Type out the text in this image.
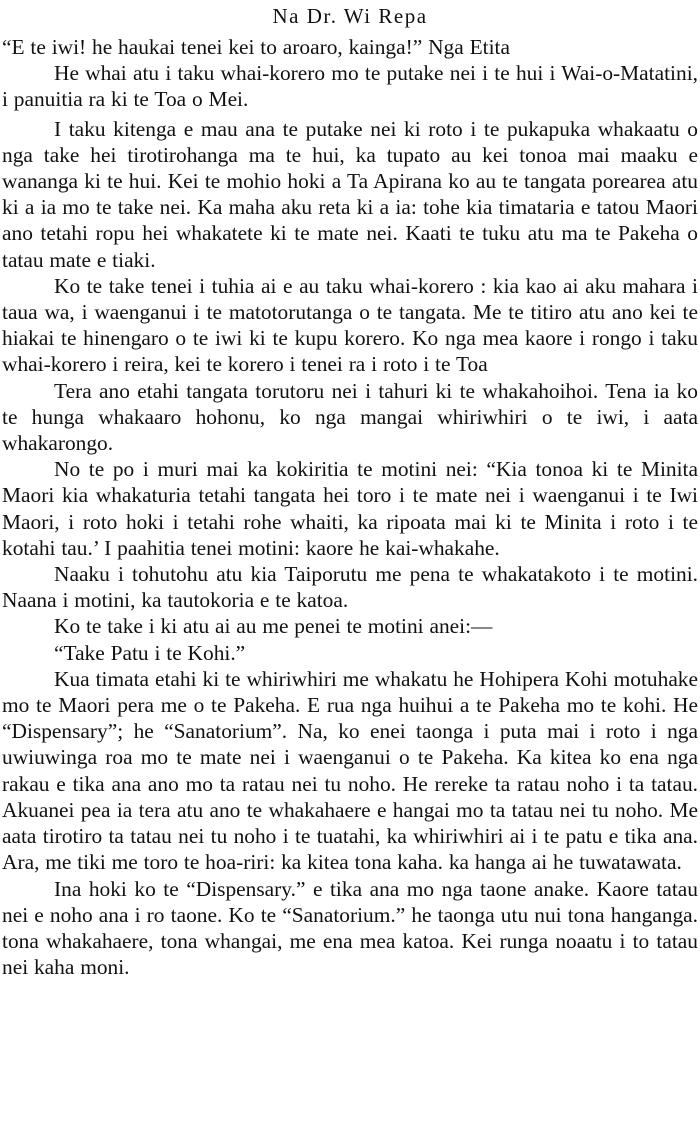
Na Dr. Wi Repa

“E te iwi! he haukai tenei kei to aroaro, kainga!” Nga Etita

He whai atu i taku whai-korero mo te putake nei i te hui i Wai-o-Matatini, i panuitia ra ki te Toa o Mei.

I taku kitenga e mau ana te putake nei ki roto i te pukapuka whakaatu o nga take hei tirotirohanga ma te hui, ka tupato au kei tonoa mai maaku e wananga ki te hui. Kei te mohio hoki a Ta Apirana ko au te tangata porearea atu ki a ia mo te take nei. Ka maha aku reta ki a ia: tohe kia timataria e tatou Maori ano tetahi ropu hei whakatete ki te mate nei. Kaati te tuku atu ma te Pakeha o tatau mate e tiaki.

Ko te take tenei i tuhia ai e au taku whai-korero : kia kao ai aku mahara i taua wa, i waenganui i te matotorutanga o te tangata. Me te titiro atu ano kei te hiakai te hinengaro o te iwi ki te kupu korero. Ko nga mea kaore i rongo i taku whai-korero i reira, kei te korero i tenei ra i roto i te Toa

Tera ano etahi tangata torutoru nei i tahuri ki te whakahoihoi. Tena ia ko te hunga whakaaro hohonu, ko nga mangai whiriwhiri o te iwi, i aata whakarongo.

No te po i muri mai ka kokiritia te motini nei: “Kia tonoa ki te Minita Maori kia whakaturia tetahi tangata hei toro i te mate nei i waenganui i te Iwi Maori, i roto hoki i tetahi rohe whaiti, ka ripoata mai ki te Minita i roto i te kotahi tau.’ I paahitia tenei motini: kaore he kai-whakahe.

Naaku i tohutohu atu kia Taiporutu me pena te whakatakoto i te motini. Naana i motini, ka tautokoria e te katoa.

Ko te take i ki atu ai au me penei te motini anei:—

“Take Patu i te Kohi.”

Kua timata etahi ki te whiriwhiri me whakatu he Hohipera Kohi motuhake mo te Maori pera me o te Pakeha. E rua nga huihui a te Pakeha mo te kohi. He “Dispensary”; he “Sanatorium”. Na, ko enei taonga i puta mai i roto i nga uwiuwinga roa mo te mate nei i waenganui o te Pakeha. Ka kitea ko ena nga rakau e tika ana ano mo ta ratau nei tu noho. He rereke ta ratau noho i ta tatau. Akuanei pea ia tera atu ano te whakahaere e hangai mo ta tatau nei tu noho. Me aata tirotiro ta tatau nei tu noho i te tuatahi, ka whiriwhiri ai i te patu e tika ana. Ara, me tiki me toro te hoa-riri: ka kitea tona kaha. ka hanga ai he tuwatawata.

Ina hoki ko te “Dispensary.” e tika ana mo nga taone anake. Kaore tatau nei e noho ana i ro taone. Ko te “Sanatorium.” he taonga utu nui tona hanganga. tona whakahaere, tona whangai, me ena mea katoa. Kei runga noaatu i to tatau nei kaha moni.
